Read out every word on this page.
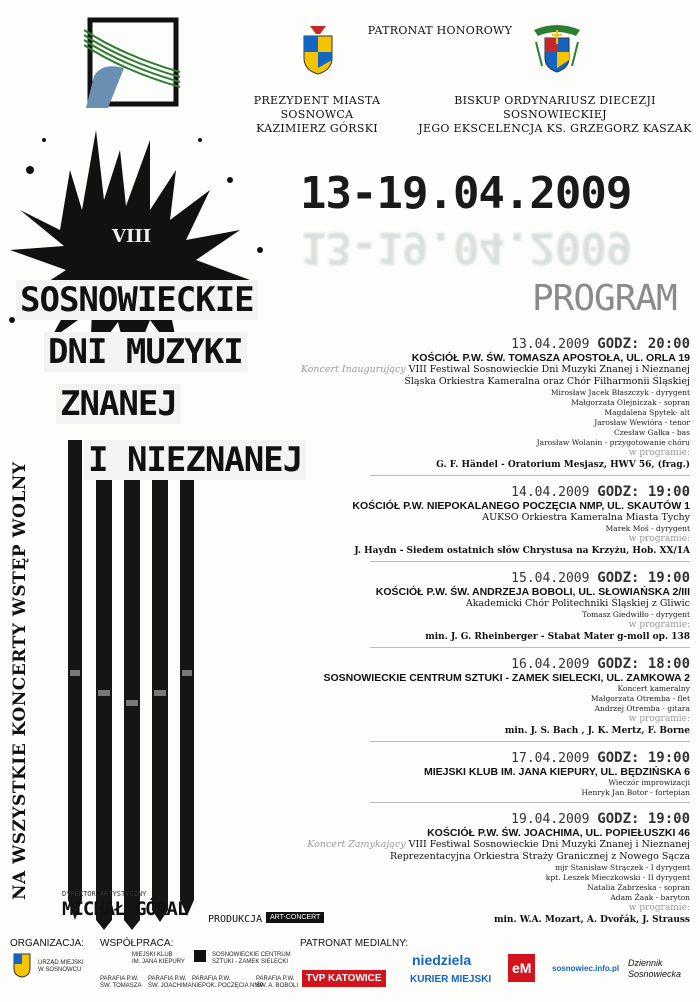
PATRONAT HONOROWY
PREZYDENT MIASTA SOSNOWCA
KAZIMIERZ GÓRSKI
BISKUP ORDYNARIUSZ DIECEZJI SOSNOWIECKIEJ
JEGO EKSCELENCJA KS. GRZEGORZ KASZAK
VIII
SOSNOWIECKIE
DNI MUZYKI
ZNANEJ
I NIEZNANEJ
13-19.04.2009
13-19.04.2009
PROGRAM
NA WSZYSTKIE KONCERTY WSTĘP WOLNY
13.04.2009 GODZ: 20:00
KOŚCIÓŁ P.W. ŚW. TOMASZA APOSTOŁA, UL. ORLA 19
Koncert Inaugurujący VIII Festiwal Sosnowieckie Dni Muzyki Znanej i Nieznanej
Śląska Orkiestra Kameralna oraz Chór Filharmonii Śląskiej
Mirosław Jacek Błaszczyk - dyrygent
Małgorzata Olejniczak - sopran
Magdalena Spytek- alt
Jarosław Wewióra - tenor
Czesław Gałka - bas
Jarosław Wolanin - przygotowanie chóru
w programie:
G. F. Händel - Oratorium Mesjasz, HWV 56, (frag.)
14.04.2009 GODZ: 19:00
KOŚCIÓŁ P.W. NIEPOKALANEGO POCZĘCIA NMP, UL. SKAUTÓW 1
AUKSO Orkiestra Kameralna Miasta Tychy
Marek Moś - dyrygent
w programie:
J. Haydn - Siedem ostatnich słów Chrystusa na Krzyżu, Hob. XX/1A
15.04.2009 GODZ: 19:00
KOŚCIÓŁ P.W. ŚW. ANDRZEJA BOBOLI, UL. SŁOWIAŃSKA 2/III
Akademicki Chór Politechniki Śląskiej z Gliwic
Tomasz Giedwiłło - dyrygent
w programie:
min. J. G. Rheinberger - Stabat Mater g-moll op. 138
16.04.2009 GODZ: 18:00
SOSNOWIECKIE CENTRUM SZTUKI - ZAMEK SIELECKI, UL. ZAMKOWA 2
Koncert kameralny
Małgorzata Otremba - flet
Andrzej Otremba - gitara
w programie:
min. J. S. Bach , J. K. Mertz, F. Borne
17.04.2009 GODZ: 19:00
MIEJSKI KLUB IM. JANA KIEPURY, UL. BĘDZIŃSKA 6
Wieczór improwizacji
Henryk Jan Botor - fortepian
19.04.2009 GODZ: 19:00
KOŚCIÓŁ P.W. ŚW. JOACHIMA, UL. POPIEŁUSZKI 46
Koncert Zamykający VIII Festiwal Sosnowieckie Dni Muzyki Znanej i Nieznanej
Reprezentacyjna Orkiestra Straży Granicznej z Nowego Sącza
mjr Stanisław Strączek - I dyrygent
kpt. Leszek Mieczkowski - II dyrygent
Natalia Zabrzeska - sopran
Adam Żaak - baryton
w programie:
min. W.A. Mozart, A. Dvořák, J. Strauss
DYREKTOR ARTYSTYCZNY
MICHAŁ GÓRAL PRODUKCJA	ART-CONCERT
ORGANIZACJA:
URZĄD MIEJSKI
W SOSNOWCU
WSPÓŁPRACA:
MIEJSKI KLUB
IM. JANA KIEPURY
SOSNOWIECKIE CENTRUM
SZTUKI - ZAMEK SIELECKI
PARAFIA P.W.
ŚW. TOMASZA
PARAFIA P.W.
ŚW. JOACHIMA
PARAFIA P.W.
NIEPOK. POCZĘCIA NMP
PARAFIA P.W.
ŚW. A. BOBOLI
PATRONAT MEDIALNY:
TVP KATOWICE
niedziela
KURIER MIEJSKI
eM	sosnowiec.info.pl
Dziennik Sosnowiecka
